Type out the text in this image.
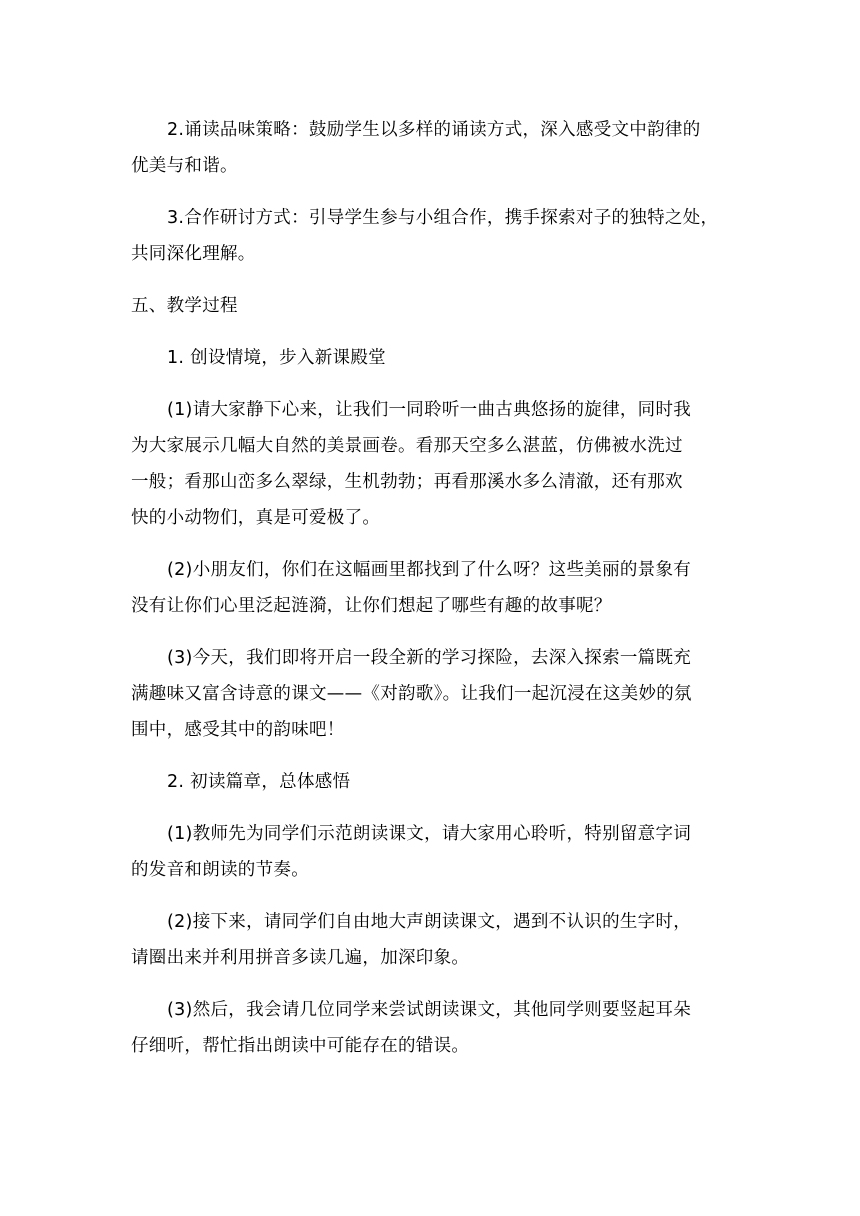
2.诵读品味策略：鼓励学生以多样的诵读方式，深入感受文中韵律的
优美与和谐。

3.合作研讨方式：引导学生参与小组合作，携手探索对子的独特之处，
共同深化理解。

五、教学过程

1. 创设情境，步入新课殿堂

(1)请大家静下心来，让我们一同聆听一曲古典悠扬的旋律，同时我
为大家展示几幅大自然的美景画卷。看那天空多么湛蓝，仿佛被水洗过
一般；看那山峦多么翠绿，生机勃勃；再看那溪水多么清澈，还有那欢
快的小动物们，真是可爱极了。

(2)小朋友们，你们在这幅画里都找到了什么呀？这些美丽的景象有
没有让你们心里泛起涟漪，让你们想起了哪些有趣的故事呢？

(3)今天，我们即将开启一段全新的学习探险，去深入探索一篇既充
满趣味又富含诗意的课文——《对韵歌》。让我们一起沉浸在这美妙的氛
围中，感受其中的韵味吧！

2. 初读篇章，总体感悟

(1)教师先为同学们示范朗读课文，请大家用心聆听，特别留意字词
的发音和朗读的节奏。

(2)接下来，请同学们自由地大声朗读课文，遇到不认识的生字时，
请圈出来并利用拼音多读几遍，加深印象。

(3)然后，我会请几位同学来尝试朗读课文，其他同学则要竖起耳朵
仔细听，帮忙指出朗读中可能存在的错误。
